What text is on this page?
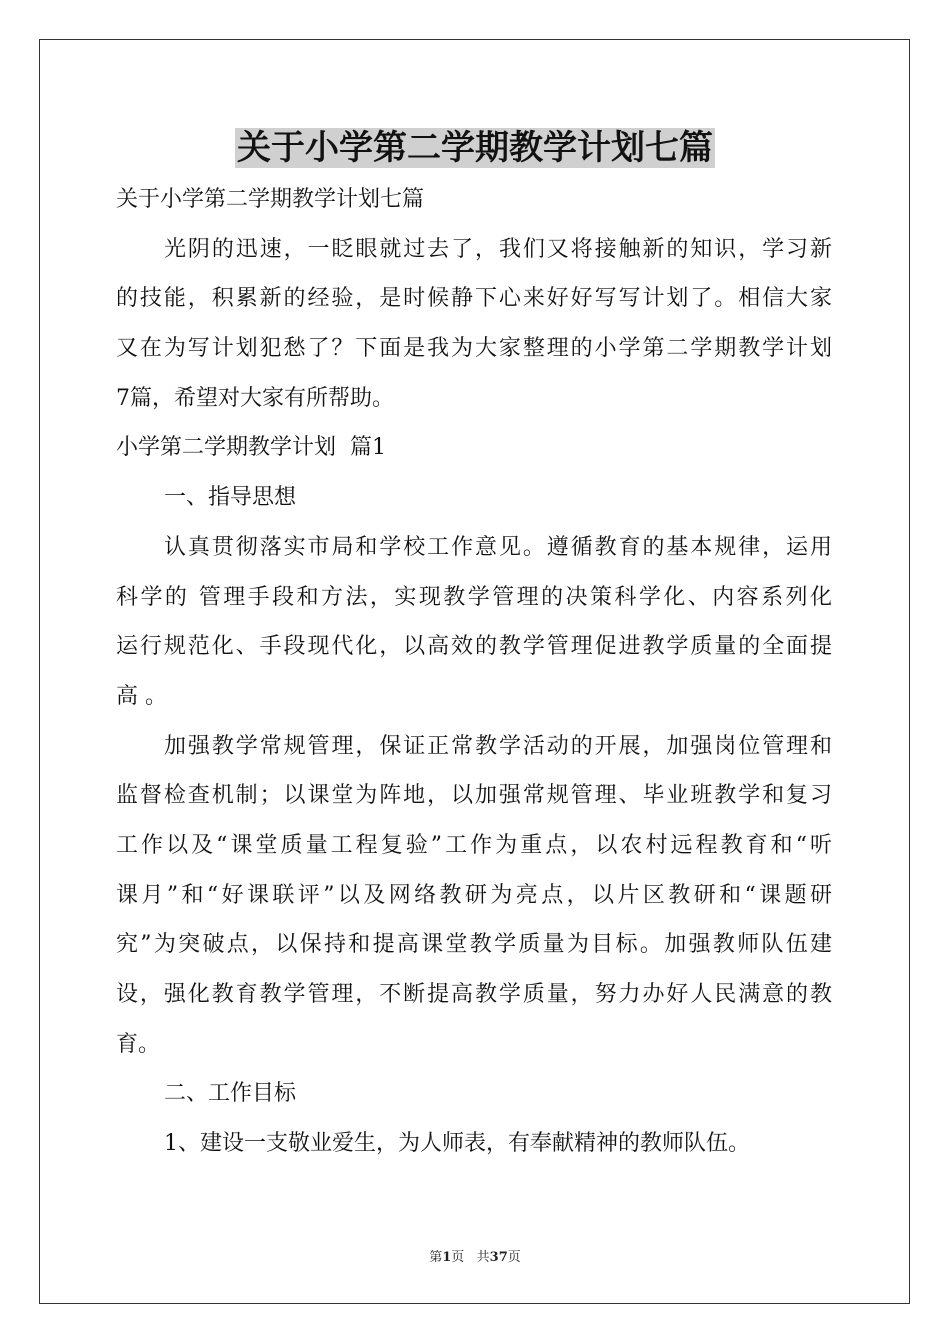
关于小学第二学期教学计划七篇
关于小学第二学期教学计划七篇
光阴的迅速，一眨眼就过去了，我们又将接触新的知识，学习新
的技能，积累新的经验，是时候静下心来好好写写计划了。相信大家
又在为写计划犯愁了？下面是我为大家整理的小学第二学期教学计划
7篇，希望对大家有所帮助。
小学第二学期教学计划  篇1
一、指导思想
认真贯彻落实市局和学校工作意见。遵循教育的基本规律，运用
科学的 管理手段和方法，实现教学管理的决策科学化、内容系列化
运行规范化、手段现代化，以高效的教学管理促进教学质量的全面提
高 。
加强教学常规管理，保证正常教学活动的开展，加强岗位管理和
监督检查机制；以课堂为阵地，以加强常规管理、毕业班教学和复习
工作以及“课堂质量工程复验”工作为重点，以农村远程教育和“听
课月”和“好课联评”以及网络教研为亮点，以片区教研和“课题研
究”为突破点，以保持和提高课堂教学质量为目标。加强教师队伍建
设，强化教育教学管理，不断提高教学质量，努力办好人民满意的教
育。
二、工作目标
1、建设一支敬业爱生，为人师表，有奉献精神的教师队伍。
第1页   共37页
